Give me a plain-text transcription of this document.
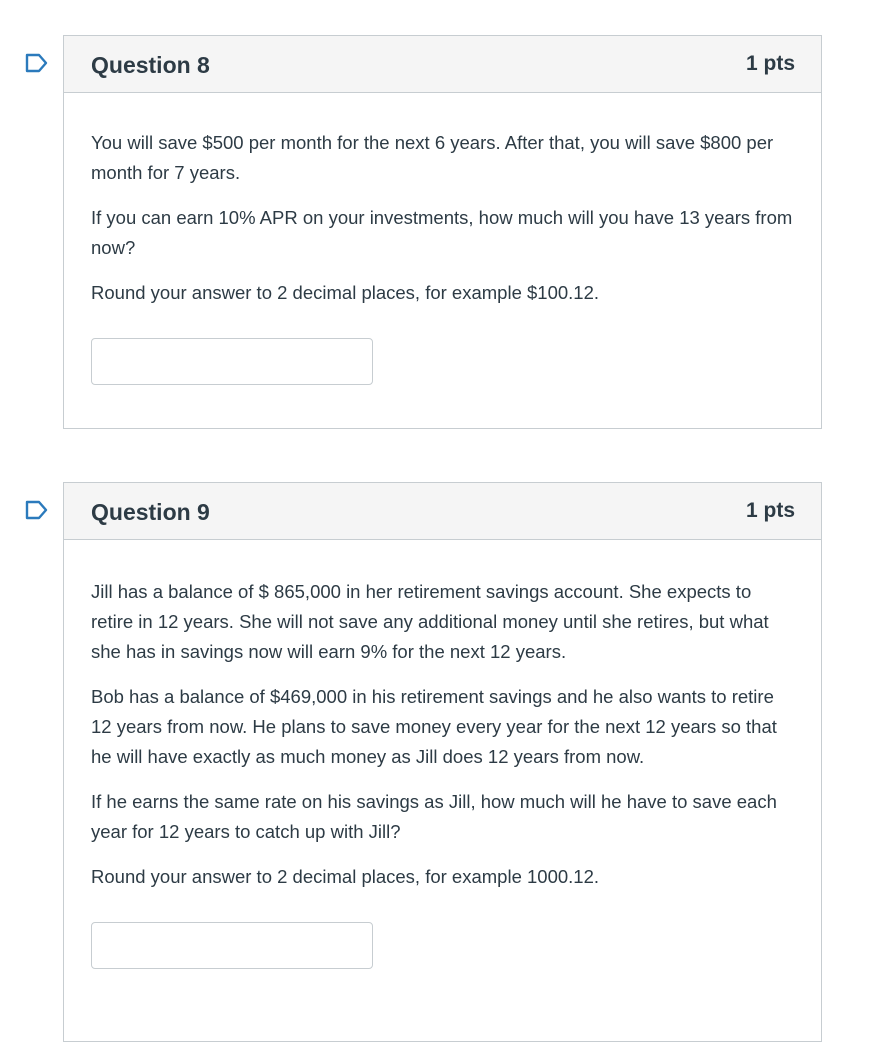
Question 8	1 pts

You will save $500 per month for the next 6 years. After that, you will save $800 per month for 7 years.

If you can earn 10% APR on your investments, how much will you have 13 years from now?

Round your answer to 2 decimal places, for example $100.12.

Question 9	1 pts

Jill has a balance of $ 865,000 in her retirement savings account. She expects to retire in 12 years. She will not save any additional money until she retires, but what she has in savings now will earn 9% for the next 12 years.

Bob has a balance of $469,000 in his retirement savings and he also wants to retire 12 years from now. He plans to save money every year for the next 12 years so that he will have exactly as much money as Jill does 12 years from now.

If he earns the same rate on his savings as Jill, how much will he have to save each year for 12 years to catch up with Jill?

Round your answer to 2 decimal places, for example 1000.12.
